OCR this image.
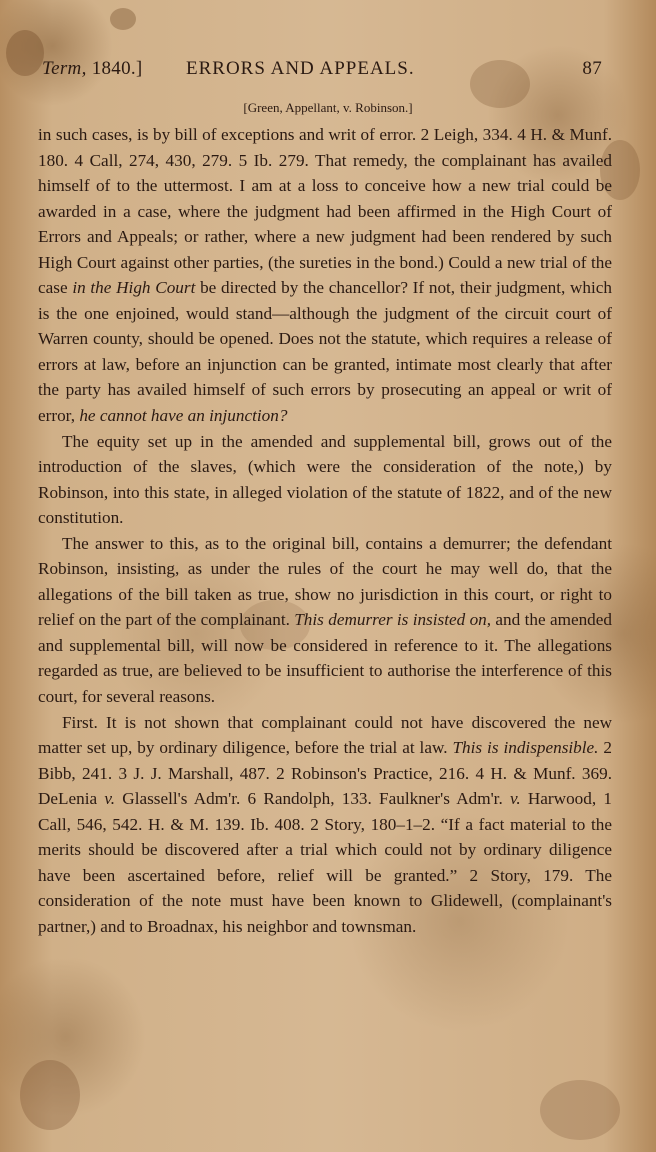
Term, 1840.] ERRORS AND APPEALS.	87
[Green, Appellant, v. Robinson.]

in such cases, is by bill of exceptions and writ of error. 2 Leigh, 334. 4 H. & Munf. 180. 4 Call, 274, 430, 279. 5 Ib. 279. That remedy, the complainant has availed himself of to the uttermost. I am at a loss to conceive how a new trial could be awarded in a case, where the judgment had been affirmed in the High Court of Errors and Appeals; or rather, where a new judgment had been rendered by such High Court against other parties, (the sureties in the bond.) Could a new trial of the case in the High Court be directed by the chancellor? If not, their judgment, which is the one enjoined, would stand—although the judgment of the circuit court of Warren county, should be opened. Does not the statute, which requires a release of errors at law, before an injunction can be granted, intimate most clearly that after the party has availed himself of such errors by prosecuting an appeal or writ of error, he cannot have an injunction?

The equity set up in the amended and supplemental bill, grows out of the introduction of the slaves, (which were the consideration of the note,) by Robinson, into this state, in alleged violation of the statute of 1822, and of the new constitution.

The answer to this, as to the original bill, contains a demurrer; the defendant Robinson, insisting, as under the rules of the court he may well do, that the allegations of the bill taken as true, show no jurisdiction in this court, or right to relief on the part of the complainant. This demurrer is insisted on, and the amended and supplemental bill, will now be considered in reference to it. The allegations regarded as true, are believed to be insufficient to authorise the interference of this court, for several reasons.

First. It is not shown that complainant could not have discovered the new matter set up, by ordinary diligence, before the trial at law. This is indispensible. 2 Bibb, 241. 3 J. J. Marshall, 487. 2 Robinson's Practice, 216. 4 H. & Munf. 369. DeLenia v. Glassell's Adm'r. 6 Randolph, 133. Faulkner's Adm'r. v. Harwood, 1 Call, 546, 542. H. & M. 139. Ib. 408. 2 Story, 180–1–2. “If a fact material to the merits should be discovered after a trial which could not by ordinary diligence have been ascertained before, relief will be granted.” 2 Story, 179. The consideration of the note must have been known to Glidewell, (complainant's partner,) and to Broadnax, his neighbor and townsman.
